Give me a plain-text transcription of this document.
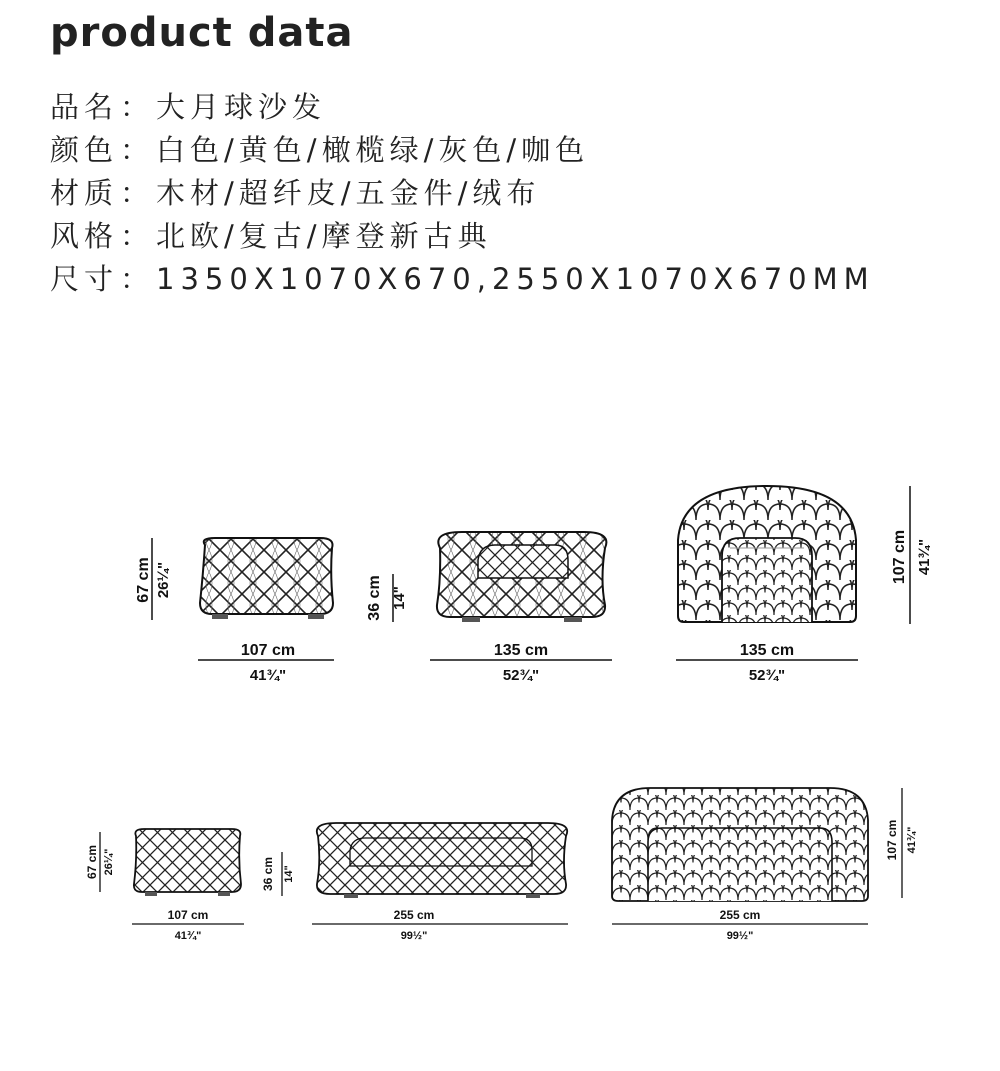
product data
品名：大月球沙发
颜色：白色/黄色/橄榄绿/灰色/咖色
材质：木材/超纤皮/五金件/绒布
风格：北欧/复古/摩登新古典
尺寸：1350X1070X670,2550X1070X670MM
67 cm 26¼"
107 cm
41¾"
36 cm 14"
135 cm
52¾"
107 cm 41¾"
135 cm
52¾"
67 cm 26¼"
107 cm
41¾"
36 cm 14"
255 cm
99½"
107 cm 41¾"
255 cm
99½"
